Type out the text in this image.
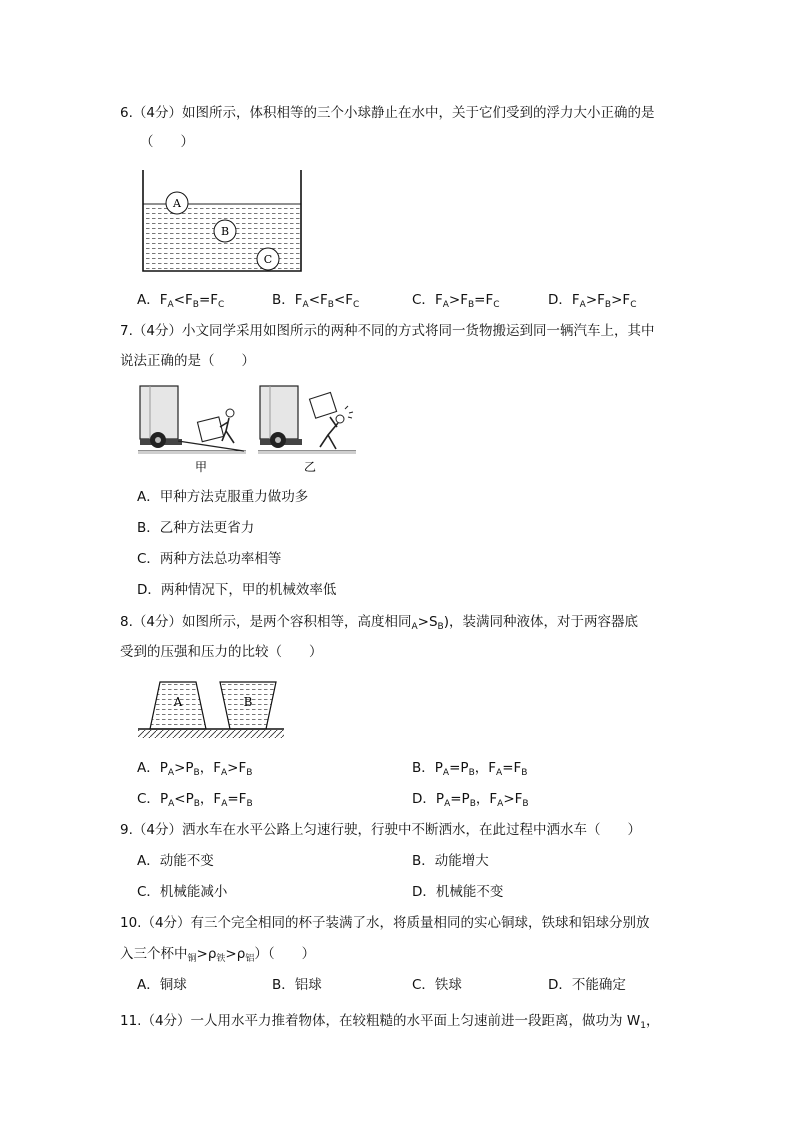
6.（4分）如图所示，体积相等的三个小球静止在水中，关于它们受到的浮力大小正确的是
（　　）
A
B
C
A．$F_A<F_B=F_C$	B．$F_A<F_B<F_C$	C．$F_A>F_B=F_C$	D．$F_A>F_B>F_C$
7.（4分）小文同学采用如图所示的两种不同的方式将同一货物搬运到同一辆汽车上，其中
说法正确的是（　　）
甲	乙
A．甲种方法克服重力做功多
B．乙种方法更省力
C．两种方法总功率相等
D．两种情况下，甲的机械效率低
8.（4分）如图所示，是两个容积相等，高度相同$_A>S_B$)，装满同种液体，对于两容器底
受到的压强和压力的比较（　　）
A	B
A．$P_A>P_B$，$F_A>F_B$	B．$P_A=P_B$，$F_A=F_B$
C．$P_A<P_B$，$F_A=F_B$	D．$P_A=P_B$，$F_A>F_B$
9.（4分）洒水车在水平公路上匀速行驶，行驶中不断洒水，在此过程中洒水车（　　）
A．动能不变	B．动能增大
C．机械能减小	D．机械能不变
10.（4分）有三个完全相同的杯子装满了水，将质量相同的实心铜球，铁球和铝球分别放
入三个杯中$_铜>\rho_铁>\rho_铝$）（　　）
A．铜球	B．铝球	C．铁球	D．不能确定
11.（4分）一人用水平力推着物体，在较粗糙的水平面上匀速前进一段距离，做功为 $W_1$，
